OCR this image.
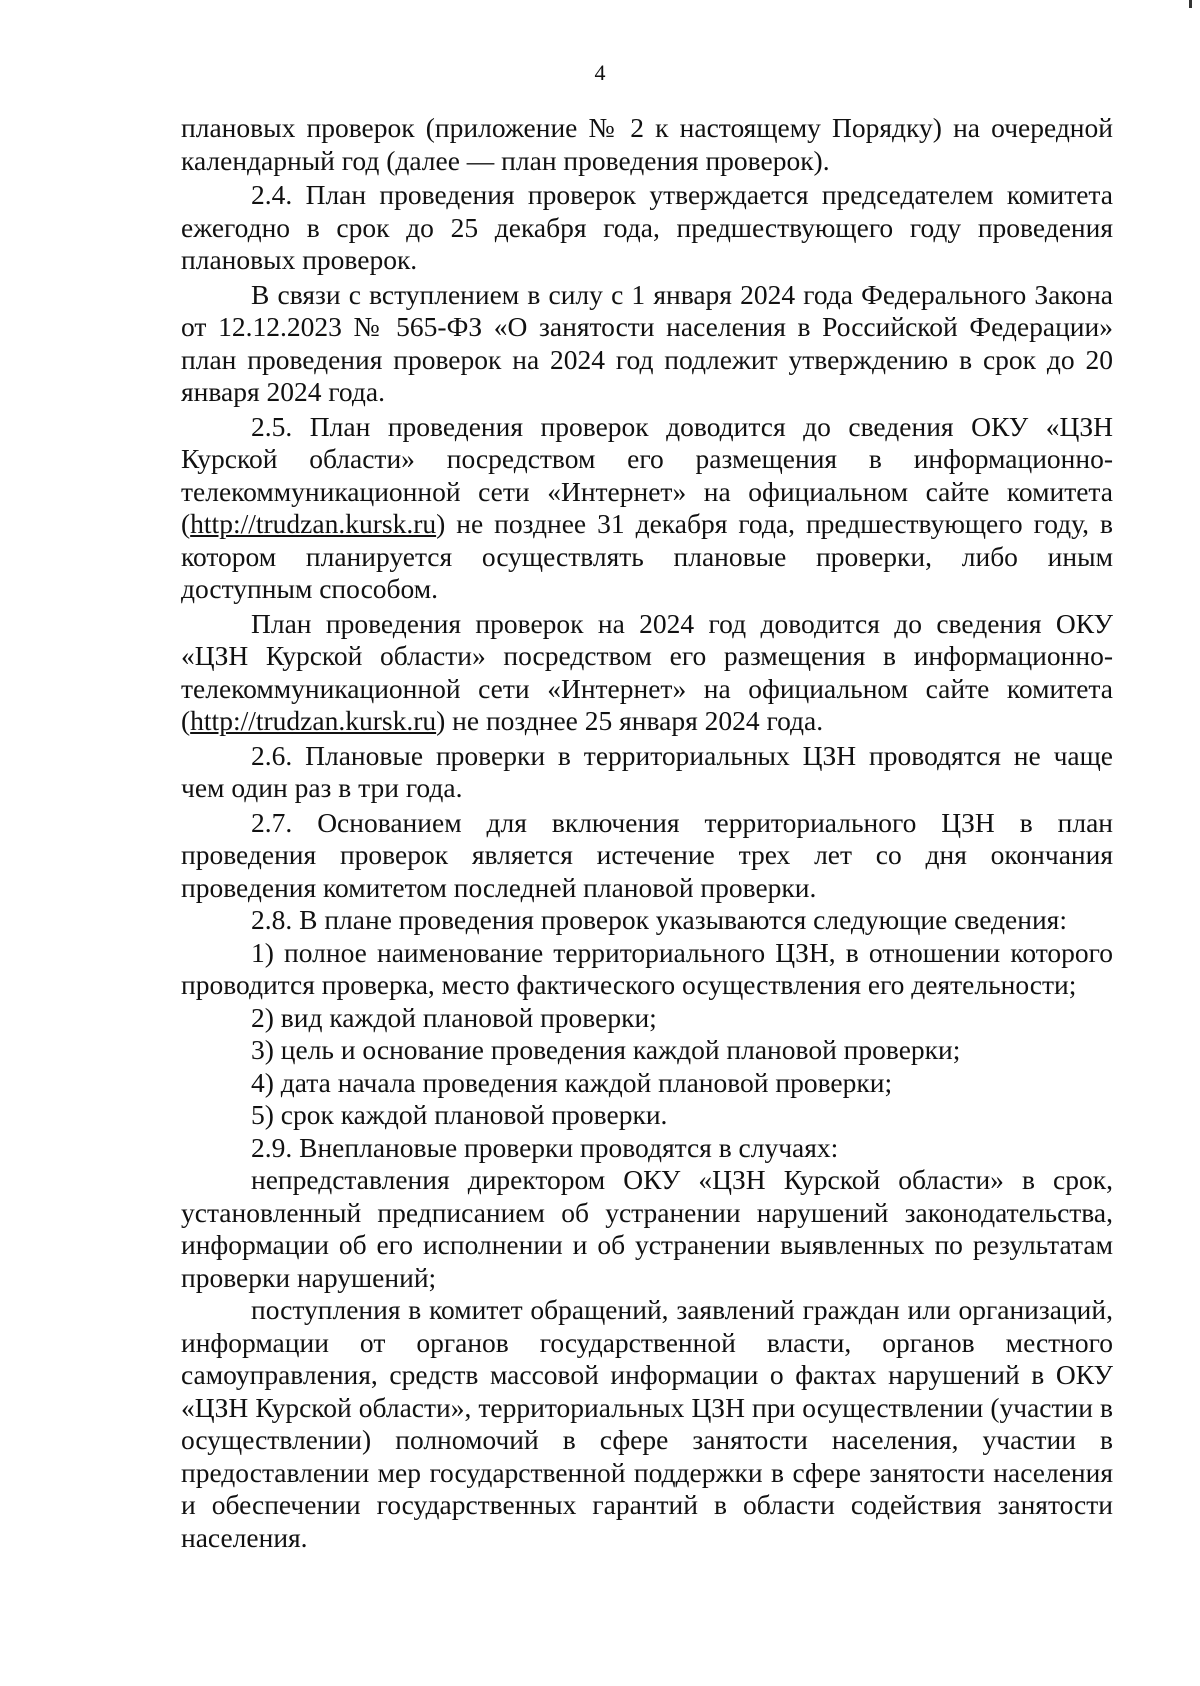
4

плановых проверок (приложение № 2 к настоящему Порядку) на очередной календарный год (далее — план проведения проверок).

2.4. План проведения проверок утверждается председателем комитета ежегодно в срок до 25 декабря года, предшествующего году проведения плановых проверок.

В связи с вступлением в силу с 1 января 2024 года Федерального Закона от 12.12.2023 № 565-ФЗ «О занятости населения в Российской Федерации» план проведения проверок на 2024 год подлежит утверждению в срок до 20 января 2024 года.

2.5. План проведения проверок доводится до сведения ОКУ «ЦЗН Курской области» посредством его размещения в информационно-телекоммуникационной сети «Интернет» на официальном сайте комитета (http://trudzan.kursk.ru) не позднее 31 декабря года, предшествующего году, в котором планируется осуществлять плановые проверки, либо иным доступным способом.

План проведения проверок на 2024 год доводится до сведения ОКУ «ЦЗН Курской области» посредством его размещения в информационно-телекоммуникационной сети «Интернет» на официальном сайте комитета (http://trudzan.kursk.ru) не позднее 25 января 2024 года.

2.6. Плановые проверки в территориальных ЦЗН проводятся не чаще чем один раз в три года.

2.7. Основанием для включения территориального ЦЗН в план проведения проверок является истечение трех лет со дня окончания проведения комитетом последней плановой проверки.

2.8. В плане проведения проверок указываются следующие сведения:

1) полное наименование территориального ЦЗН, в отношении которого проводится проверка, место фактического осуществления его деятельности;

2) вид каждой плановой проверки;

3) цель и основание проведения каждой плановой проверки;

4) дата начала проведения каждой плановой проверки;

5) срок каждой плановой проверки.

2.9. Внеплановые проверки проводятся в случаях:

непредставления директором ОКУ «ЦЗН Курской области» в срок, установленный предписанием об устранении нарушений законодательства, информации об его исполнении и об устранении выявленных по результатам проверки нарушений;

поступления в комитет обращений, заявлений граждан или организаций, информации от органов государственной власти, органов местного самоуправления, средств массовой информации о фактах нарушений в ОКУ «ЦЗН Курской области», территориальных ЦЗН при осуществлении (участии в осуществлении) полномочий в сфере занятости населения, участии в предоставлении мер государственной поддержки в сфере занятости населения и обеспечении государственных гарантий в области содействия занятости населения.
